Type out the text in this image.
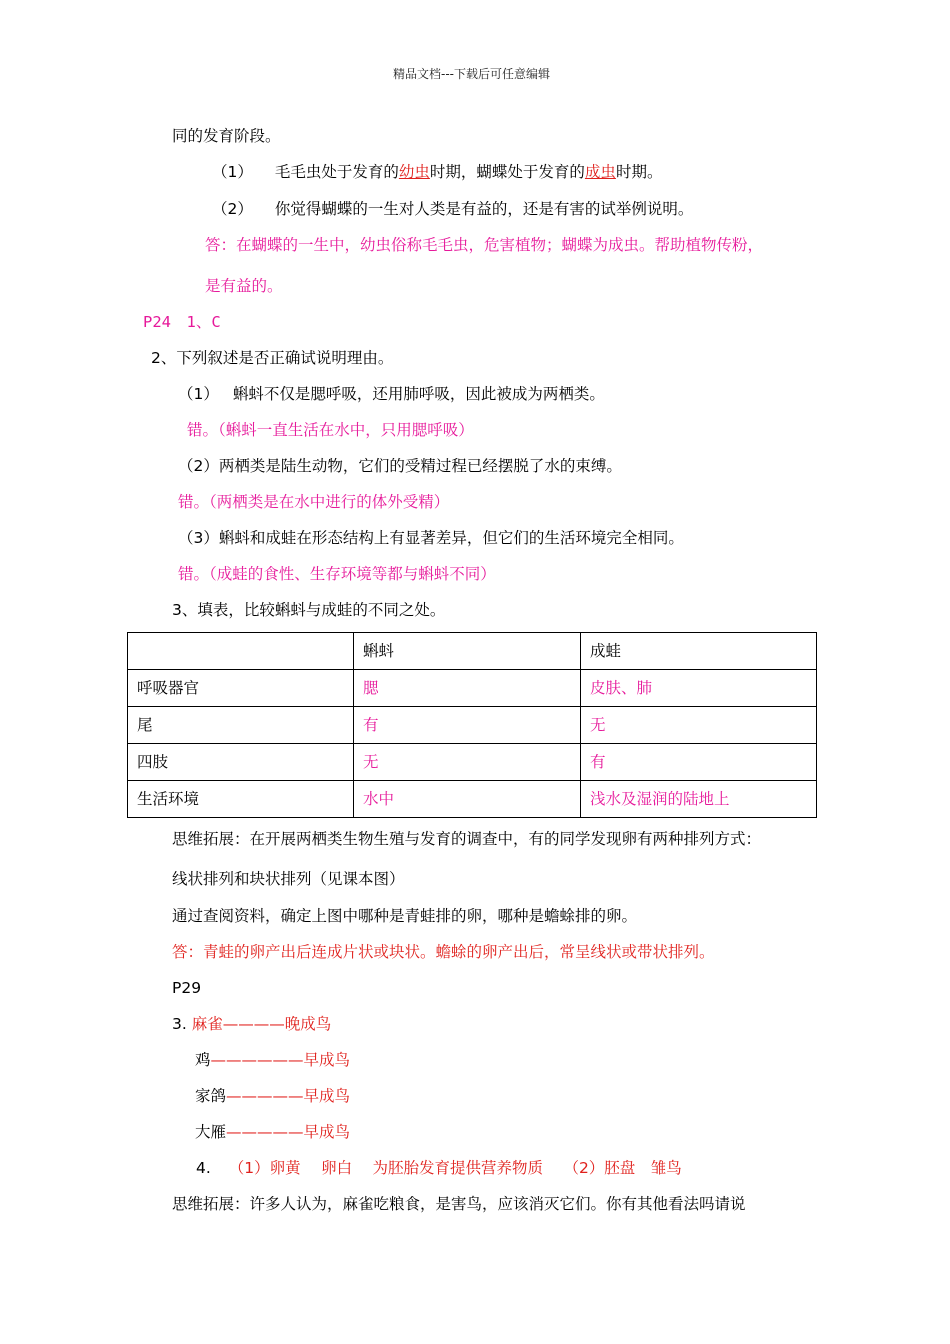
精品文档---下载后可任意编辑
同的发育阶段。
（1） 毛毛虫处于发育的幼虫时期，蝴蝶处于发育的成虫时期。
（2） 你觉得蝴蝶的一生对人类是有益的，还是有害的试举例说明。
答：在蝴蝶的一生中，幼虫俗称毛毛虫，危害植物；蝴蝶为成虫。帮助植物传粉，
是有益的。
P24　1、C
2、下列叙述是否正确试说明理由。
（1） 蝌蚪不仅是腮呼吸，还用肺呼吸，因此被成为两栖类。
错。（蝌蚪一直生活在水中，只用腮呼吸）
（2）两栖类是陆生动物，它们的受精过程已经摆脱了水的束缚。
错。（两栖类是在水中进行的体外受精）
（3）蝌蚪和成蛙在形态结构上有显著差异，但它们的生活环境完全相同。
错。（成蛙的食性、生存环境等都与蝌蚪不同）
3、填表，比较蝌蚪与成蛙的不同之处。
	蝌蚪	成蛙
呼吸器官	腮	皮肤、肺
尾	有	无
四肢	无	有
生活环境	水中	浅水及湿润的陆地上
思维拓展：在开展两栖类生物生殖与发育的调查中，有的同学发现卵有两种排列方式：
线状排列和块状排列（见课本图）
通过查阅资料，确定上图中哪种是青蛙排的卵，哪种是蟾蜍排的卵。
答：青蛙的卵产出后连成片状或块状。蟾蜍的卵产出后，常呈线状或带状排列。
P29
3. 麻雀————晚成鸟
鸡——————早成鸟
家鸽—————早成鸟
大雁—————早成鸟
4. （1）卵黄　 卵白　 为胚胎发育提供营养物质　 （2）胚盘　雏鸟
思维拓展：许多人认为，麻雀吃粮食，是害鸟，应该消灭它们。你有其他看法吗请说
